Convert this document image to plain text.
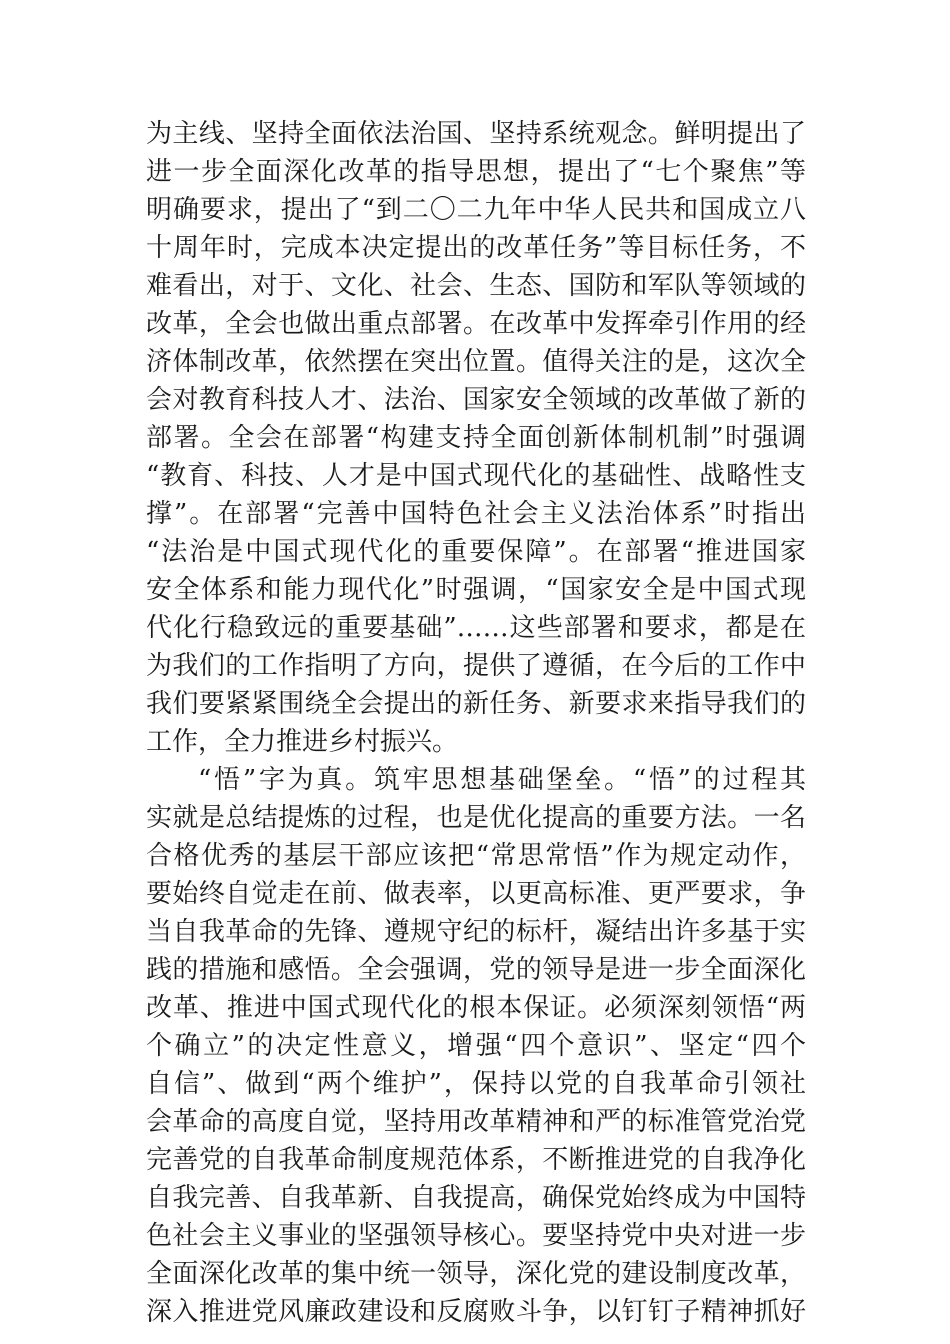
为主线、坚持全面依法治国、坚持系统观念。鲜明提出了
进一步全面深化改革的指导思想，提出了“七个聚焦”等
明确要求，提出了“到二〇二九年中华人民共和国成立八
十周年时，完成本决定提出的改革任务”等目标任务，不
难看出，对于、文化、社会、生态、国防和军队等领域的
改革，全会也做出重点部署。在改革中发挥牵引作用的经
济体制改革，依然摆在突出位置。值得关注的是，这次全
会对教育科技人才、法治、国家安全领域的改革做了新的
部署。全会在部署“构建支持全面创新体制机制”时强调
“教育、科技、人才是中国式现代化的基础性、战略性支
撑”。在部署“完善中国特色社会主义法治体系”时指出
“法治是中国式现代化的重要保障”。在部署“推进国家
安全体系和能力现代化”时强调，“国家安全是中国式现
代化行稳致远的重要基础”……这些部署和要求，都是在
为我们的工作指明了方向，提供了遵循，在今后的工作中
我们要紧紧围绕全会提出的新任务、新要求来指导我们的
工作，全力推进乡村振兴。
“悟”字为真。筑牢思想基础堡垒。“悟”的过程其
实就是总结提炼的过程，也是优化提高的重要方法。一名
合格优秀的基层干部应该把“常思常悟”作为规定动作，
要始终自觉走在前、做表率，以更高标准、更严要求，争
当自我革命的先锋、遵规守纪的标杆，凝结出许多基于实
践的措施和感悟。全会强调，党的领导是进一步全面深化
改革、推进中国式现代化的根本保证。必须深刻领悟“两
个确立”的决定性意义，增强“四个意识”、坚定“四个
自信”、做到“两个维护”，保持以党的自我革命引领社
会革命的高度自觉，坚持用改革精神和严的标准管党治党
完善党的自我革命制度规范体系，不断推进党的自我净化
自我完善、自我革新、自我提高，确保党始终成为中国特
色社会主义事业的坚强领导核心。要坚持党中央对进一步
全面深化改革的集中统一领导，深化党的建设制度改革，
深入推进党风廉政建设和反腐败斗争，以钉钉子精神抓好
